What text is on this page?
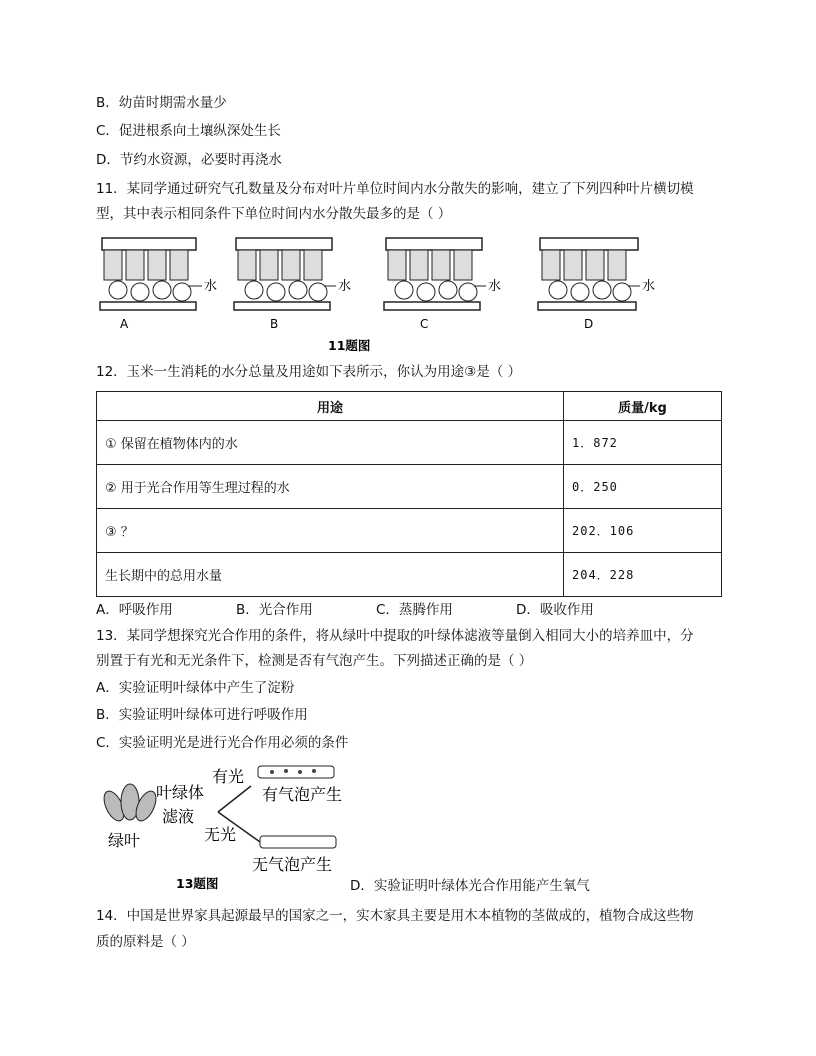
B．幼苗时期需水量少
C．促进根系向土壤纵深处生长
D．节约水资源，必要时再浇水
11．某同学通过研究气孔数量及分布对叶片单位时间内水分散失的影响，建立了下列四种叶片横切模
型，其中表示相同条件下单位时间内水分散失最多的是（ ）
水	水	水	水
A	B	C	D
11题图
12．玉米一生消耗的水分总量及用途如下表所示，你认为用途③是（ ）
用途	质量/kg
① 保留在植物体内的水	1．872
② 用于光合作用等生理过程的水	0．250
③ ？	202．106
生长期中的总用水量	204．228
A．呼吸作用	B．光合作用	C．蒸腾作用	D．吸收作用
13．某同学想探究光合作用的条件，将从绿叶中提取的叶绿体滤液等量倒入相同大小的培养皿中，分
别置于有光和无光条件下，检测是否有气泡产生。下列描述正确的是（ ）
A．实验证明叶绿体中产生了淀粉
B．实验证明叶绿体可进行呼吸作用
C．实验证明光是进行光合作用必须的条件
绿叶
叶绿体
滤液
有光
无光
有气泡产生
无气泡产生
13题图	D．实验证明叶绿体光合作用能产生氧气
14．中国是世界家具起源最早的国家之一，实木家具主要是用木本植物的茎做成的，植物合成这些物
质的原料是（ ）
